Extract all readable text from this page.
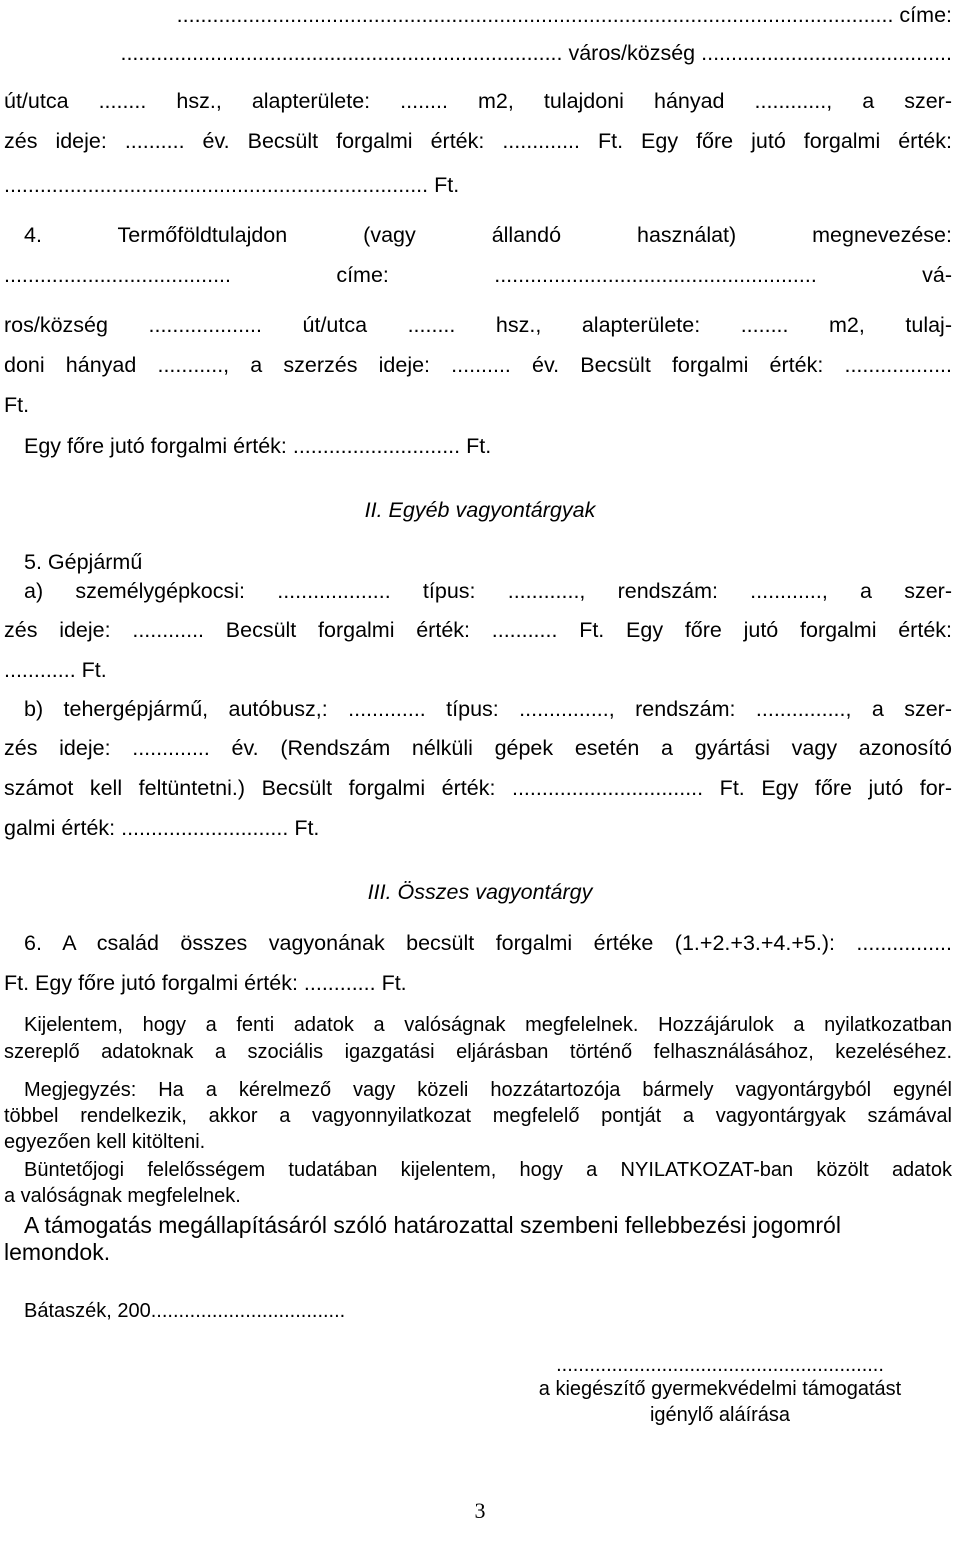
........................................................................................................................ címe:
.......................................................................... város/község ..........................................
út/utca ........ hsz., alapterülete: ........ m2, tulajdoni hányad ............, a szer-
zés ideje: .......... év. Becsült forgalmi érték: ............. Ft. Egy főre jutó forgalmi érték:
....................................................................... Ft.
4. Termőföldtulajdon (vagy állandó használat) megnevezése:
...................................... címe: ...................................................... vá-
ros/község ................... út/utca ........ hsz., alapterülete: ........ m2, tulaj-
doni hányad ..........., a szerzés ideje: .......... év. Becsült forgalmi érték: ..................
Ft.
Egy főre jutó forgalmi érték: ............................ Ft.
II. Egyéb vagyontárgyak
5. Gépjármű
a) személygépkocsi: ................... típus: ............, rendszám: ............, a szer-
zés ideje: ............ Becsült forgalmi érték: ........... Ft. Egy főre jutó forgalmi érték:
............ Ft.
b) tehergépjármű, autóbusz,: ............. típus: ..............., rendszám: ..............., a szer-
zés ideje: ............. év. (Rendszám nélküli gépek esetén a gyártási vagy azonosító
számot kell feltüntetni.) Becsült forgalmi érték: ................................ Ft. Egy főre jutó for-
galmi érték: ............................ Ft.
III. Összes vagyontárgy
6. A család összes vagyonának becsült forgalmi értéke (1.+2.+3.+4.+5.): ................
Ft. Egy főre jutó forgalmi érték: ............ Ft.
Kijelentem, hogy a fenti adatok a valóságnak megfelelnek. Hozzájárulok a nyilatkozatban
szereplő adatoknak a szociális igazgatási eljárásban történő felhasználásához, kezeléséhez.
Megjegyzés: Ha a kérelmező vagy közeli hozzátartozója bármely vagyontárgyból egynél
többel rendelkezik, akkor a vagyonnyilatkozat megfelelő pontját a vagyontárgyak számával
egyezően kell kitölteni.
Büntetőjogi felelősségem tudatában kijelentem, hogy a NYILATKOZAT-ban közölt adatok
a valóságnak megfelelnek.
A támogatás megállapításáról szóló határozattal szembeni fellebbezési jogomról
lemondok.
Bátaszék, 200...................................
...........................................................
a kiegészítő gyermekvédelmi támogatást
igénylő aláírása
3
